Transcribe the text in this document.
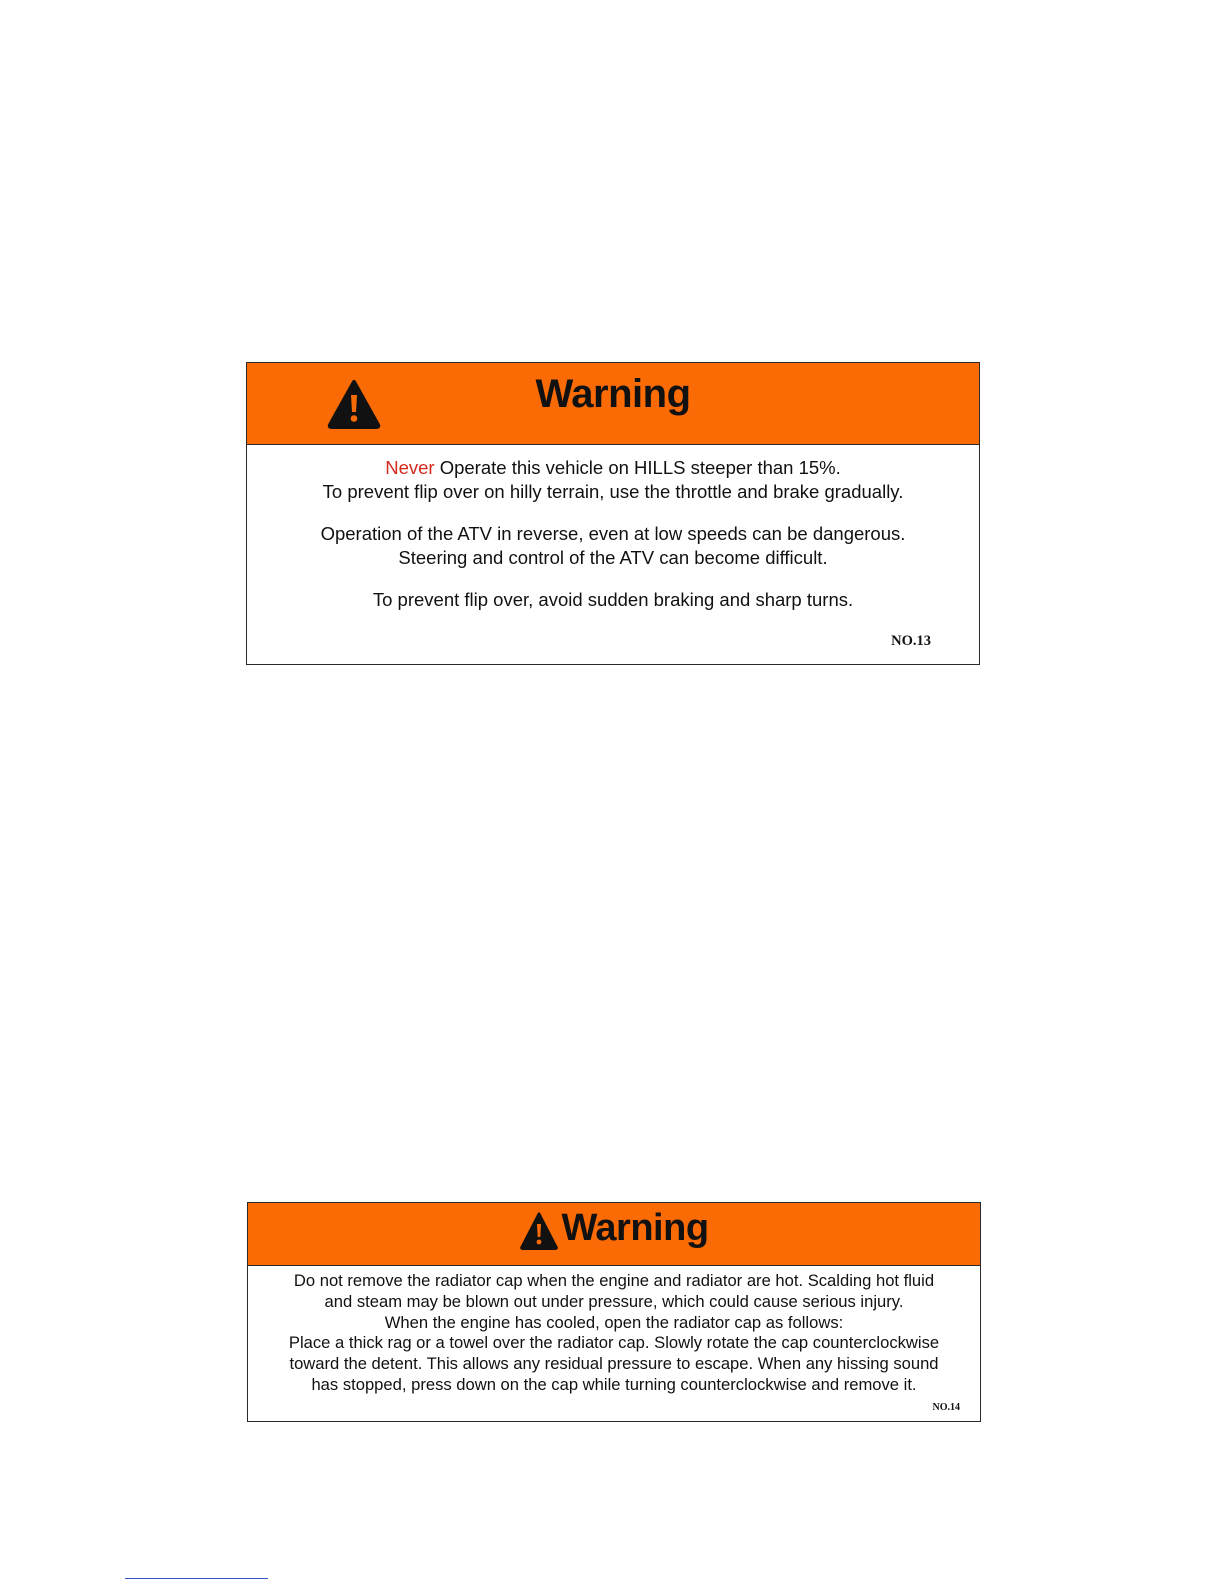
Warning

Never Operate this vehicle on HILLS steeper than 15%.
To prevent flip over on hilly terrain, use the throttle and brake gradually.

Operation of the ATV in reverse, even at low speeds can be dangerous.
Steering and control of the ATV can become difficult.

To prevent flip over, avoid sudden braking and sharp turns.

NO.13
Warning

Do not remove the radiator cap when the engine and radiator are hot. Scalding hot fluid
and steam may be blown out under pressure, which could cause serious injury.
When the engine has cooled, open the radiator cap as follows:
Place a thick rag or a towel over the radiator cap. Slowly rotate the cap counterclockwise
toward the detent. This allows any residual pressure to escape. When any hissing sound
has stopped, press down on the cap while turning counterclockwise and remove it.

NO.14
